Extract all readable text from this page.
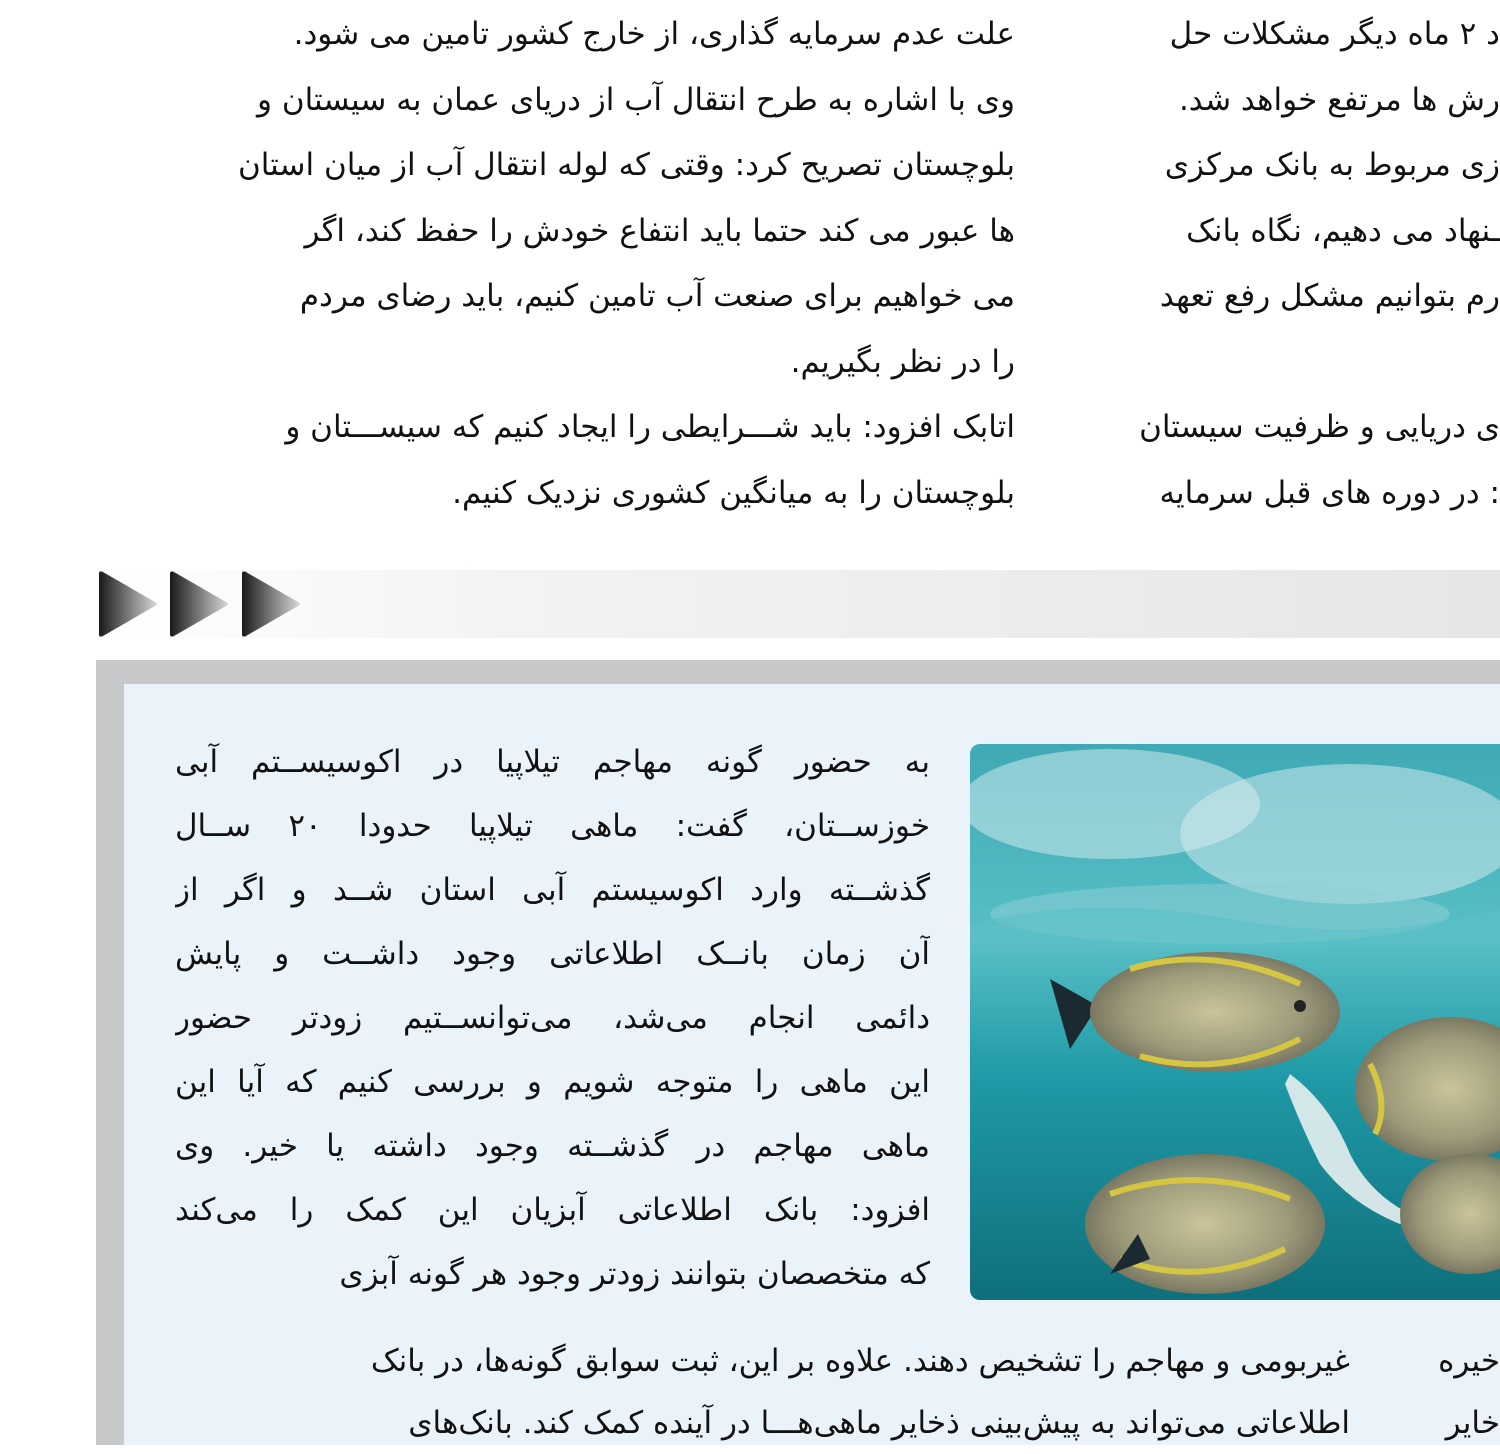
علت عدم سرمایه گذاری، از خارج کشور تامین می شود.
وی با اشاره به طرح انتقال آب از دریای عمان به سیستان و
بلوچستان تصریح کرد: وقتی که لوله انتقال آب از میان استان
ها عبور می کند حتما باید انتفاع خودش را حفظ کند، اگر
می خواهیم برای صنعت آب تامین کنیم، باید رضای مردم
را در نظر بگیریم.
اتابک افزود: باید شـــرایطی را ایجاد کنیم که سیســـتان و
بلوچستان را به میانگین کشوری نزدیک کنیم.
د ۲ ماه دیگر مشکلات حل
رش ها مرتفع خواهد شد.
زی مربوط به بانک مرکزی
ـنهاد می دهیم، نگاه بانک
رم بتوانیم مشکل رفع تعهد
ی دریایی و ظرفیت سیستان
: در دوره های قبل سرمایه
به حضور گونه مهاجم تیلاپیا در اکوسیســتم آبی
خوزســتان، گفت: ماهی تیلاپیا حدودا ۲۰ ســال
گذشــته وارد اکوسیستم آبی استان شــد و اگر از
آن زمان بانــک اطلاعاتی وجود داشــت و پایش
دائمی انجام می‌شد، می‌توانســتیم زودتر حضور
این ماهی را متوجه شویم و بررسی کنیم که آیا این
ماهی مهاجم در گذشــته وجود داشته یا خیر. وی
افزود: بانک اطلاعاتی آبزیان این کمک را می‌کند
که متخصصان بتوانند زودتر وجود هر گونه آبزی
غیربومی و مهاجم را تشخیص دهند. علاوه بر این، ثبت سوابق گونه‌ها، در بانک
اطلاعاتی می‌تواند به پیش‌بینی ذخایر ماهی‌هـــا در آینده کمک کند. بانک‌های
خیره
خایر
